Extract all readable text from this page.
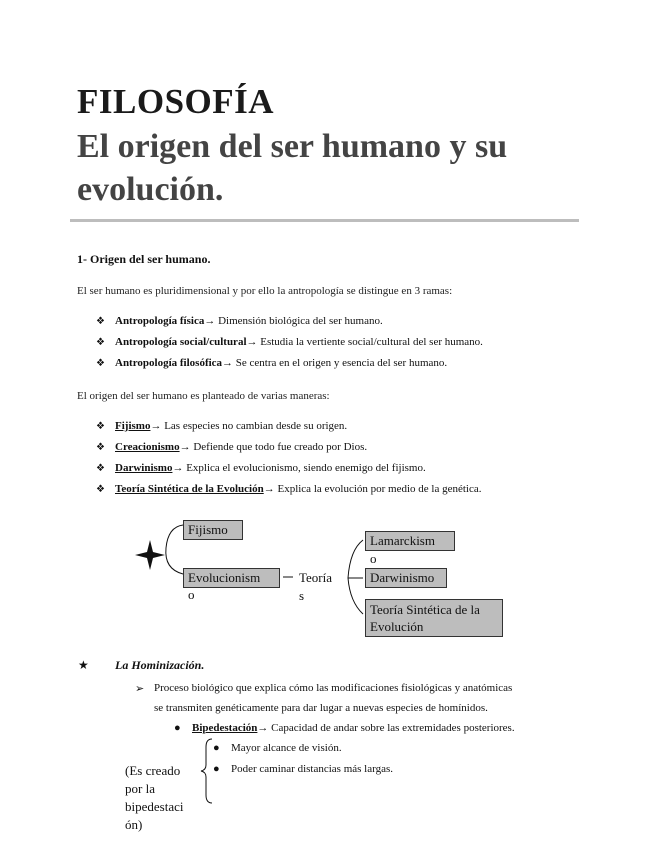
FILOSOFÍA
El origen del ser humano y su evolución.
1- Origen del ser humano.
El ser humano es pluridimensional y por ello la antropología se distingue en 3 ramas:
❖ Antropología física→ Dimensión biológica del ser humano.
❖ Antropología social/cultural→ Estudia la vertiente social/cultural del ser humano.
❖ Antropología filosófica→ Se centra en el origen y esencia del ser humano.
El origen del ser humano es planteado de varias maneras:
❖ Fijismo→ Las especies no cambian desde su origen.
❖ Creacionismo→ Defiende que todo fue creado por Dios.
❖ Darwinismo→ Explica el evolucionismo, siendo enemigo del fijismo.
❖ Teoría Sintética de la Evolución→ Explica la evolución por medio de la genética.
Fijismo
Evolucionism
o
Teoría
s
Lamarckism
o
Darwinismo
Teoría Sintética de la
Evolución
★ La Hominización.
➢ Proceso biológico que explica cómo las modificaciones fisiológicas y anatómicas
se transmiten genéticamente para dar lugar a nuevas especies de homínidos.
● Bipedestación→ Capacidad de andar sobre las extremidades posteriores.
● Mayor alcance de visión.
● Poder caminar distancias más largas.
(Es creado
por la
bipedestaci
ón)
